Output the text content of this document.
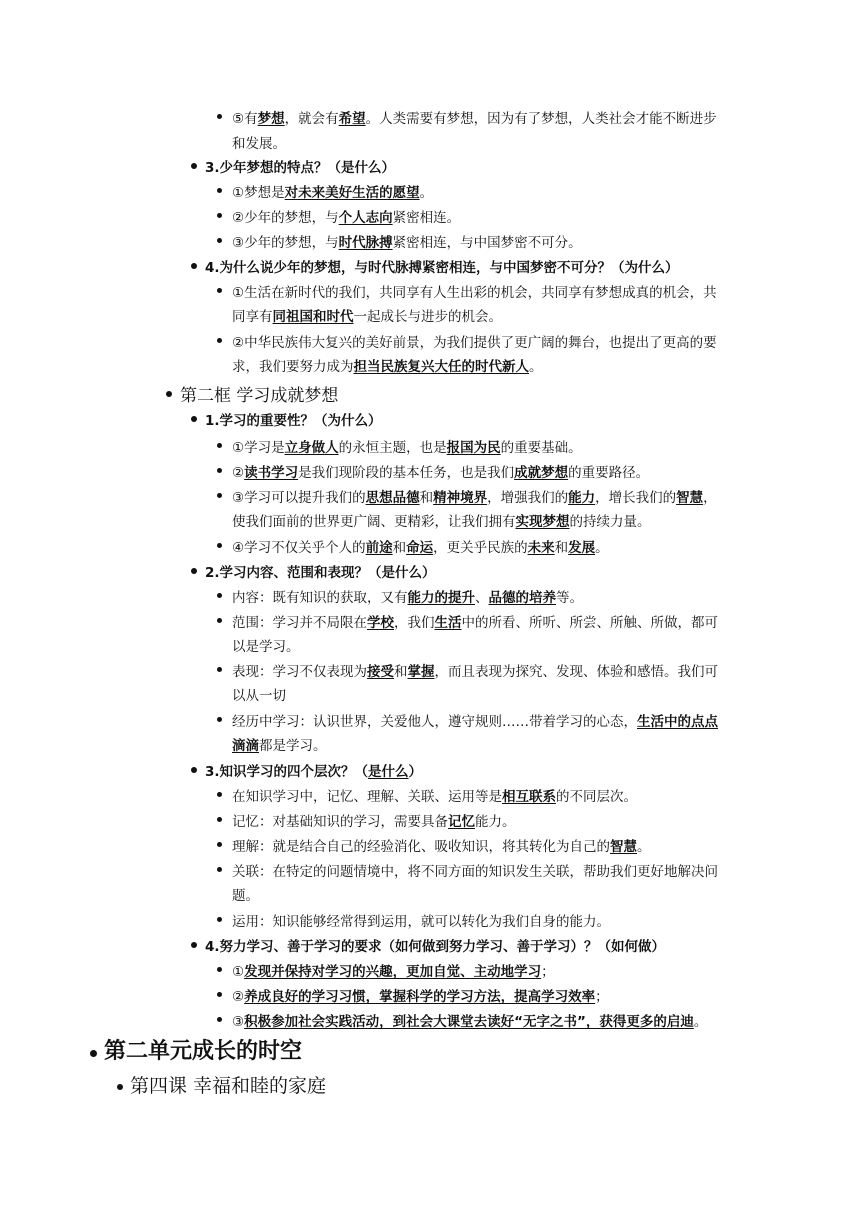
⑤有梦想，就会有希望。人类需要有梦想，因为有了梦想，人类社会才能不断进步
和发展。
3.少年梦想的特点？（是什么）
①梦想是对未来美好生活的愿望。
②少年的梦想，与个人志向紧密相连。
③少年的梦想，与时代脉搏紧密相连，与中国梦密不可分。
4.为什么说少年的梦想，与时代脉搏紧密相连，与中国梦密不可分？（为什么）
①生活在新时代的我们，共同享有人生出彩的机会，共同享有梦想成真的机会，共
同享有同祖国和时代一起成长与进步的机会。
②中华民族伟大复兴的美好前景，为我们提供了更广阔的舞台，也提出了更高的要
求，我们要努力成为担当民族复兴大任的时代新人。
第二框 学习成就梦想
1.学习的重要性？（为什么）
①学习是立身做人的永恒主题，也是报国为民的重要基础。
②读书学习是我们现阶段的基本任务，也是我们成就梦想的重要路径。
③学习可以提升我们的思想品德和精神境界，增强我们的能力，增长我们的智慧，
使我们面前的世界更广阔、更精彩，让我们拥有实现梦想的持续力量。
④学习不仅关乎个人的前途和命运，更关乎民族的未来和发展。
2.学习内容、范围和表现？（是什么）
内容：既有知识的获取，又有能力的提升、品德的培养等。
范围：学习并不局限在学校，我们生活中的所看、所听、所尝、所触、所做，都可
以是学习。
表现：学习不仅表现为接受和掌握，而且表现为探究、发现、体验和感悟。我们可
以从一切
经历中学习：认识世界，关爱他人，遵守规则……带着学习的心态，生活中的点点
滴滴都是学习。
3.知识学习的四个层次？（是什么）
在知识学习中，记忆、理解、关联、运用等是相互联系的不同层次。
记忆：对基础知识的学习，需要具备记忆能力。
理解：就是结合自己的经验消化、吸收知识，将其转化为自己的智慧。
关联：在特定的问题情境中，将不同方面的知识发生关联，帮助我们更好地解决问
题。
运用：知识能够经常得到运用，就可以转化为我们自身的能力。
4.努力学习、善于学习的要求（如何做到努力学习、善于学习）？（如何做）
①发现并保持对学习的兴趣，更加自觉、主动地学习；
②养成良好的学习习惯，掌握科学的学习方法，提高学习效率；
③积极参加社会实践活动，到社会大课堂去读好“无字之书”，获得更多的启迪。
第二单元成长的时空
第四课 幸福和睦的家庭
